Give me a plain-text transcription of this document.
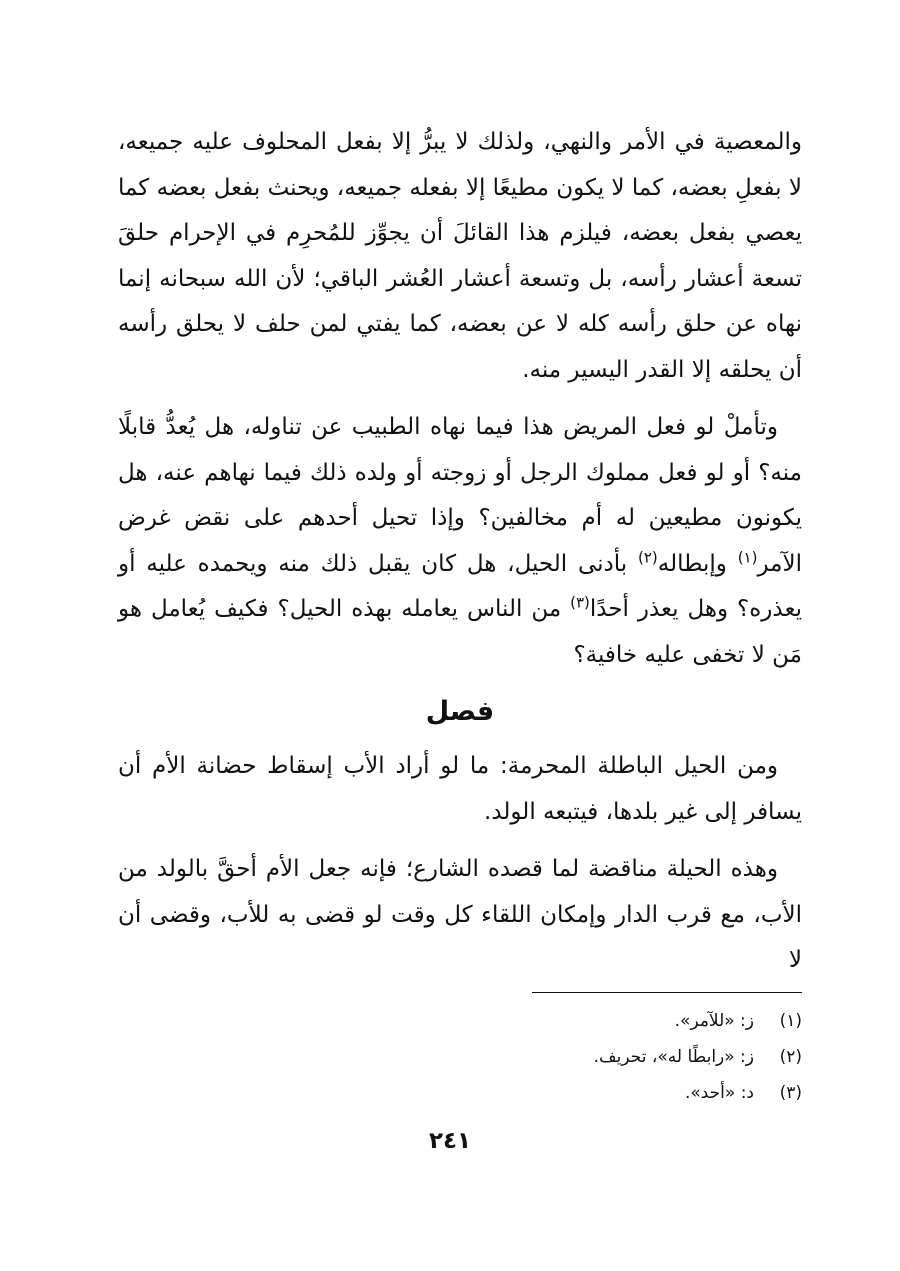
والمعصية في الأمر والنهي، ولذلك لا يبرُّ إلا بفعل المحلوف عليه جميعه، لا بفعلِ بعضه، كما لا يكون مطيعًا إلا بفعله جميعه، ويحنث بفعل بعضه كما يعصي بفعل بعضه، فيلزم هذا القائلَ أن يجوِّز للمُحرِم في الإحرام حلقَ تسعة أعشار رأسه، بل وتسعة أعشار العُشر الباقي؛ لأن الله سبحانه إنما نهاه عن حلق رأسه كله لا عن بعضه، كما يفتي لمن حلف لا يحلق رأسه أن يحلقه إلا القدر اليسير منه.

وتأملْ لو فعل المريض هذا فيما نهاه الطبيب عن تناوله، هل يُعدُّ قابلًا منه؟ أو لو فعل مملوك الرجل أو زوجته أو ولده ذلك فيما نهاهم عنه، هل يكونون مطيعين له أم مخالفين؟ وإذا تحيل أحدهم على نقض غرض الآمر$^{(١)}$ وإبطاله$^{(٢)}$ بأدنى الحيل، هل كان يقبل ذلك منه ويحمده عليه أو يعذره؟ وهل يعذر أحدًا$^{(٣)}$ من الناس يعامله بهذه الحيل؟ فكيف يُعامل هو مَن لا تخفى عليه خافية؟

فصل

ومن الحيل الباطلة المحرمة: ما لو أراد الأب إسقاط حضانة الأم أن يسافر إلى غير بلدها، فيتبعه الولد.

وهذه الحيلة مناقضة لما قصده الشارع؛ فإنه جعل الأم أحقَّ بالولد من الأب، مع قرب الدار وإمكان اللقاء كل وقت لو قضى به للأب، وقضى أن لا

(١)
ز: «للآمر».
(٢)
ز: «رابطًا له»، تحريف.
(٣)
د: «أحد».
٢٤١
